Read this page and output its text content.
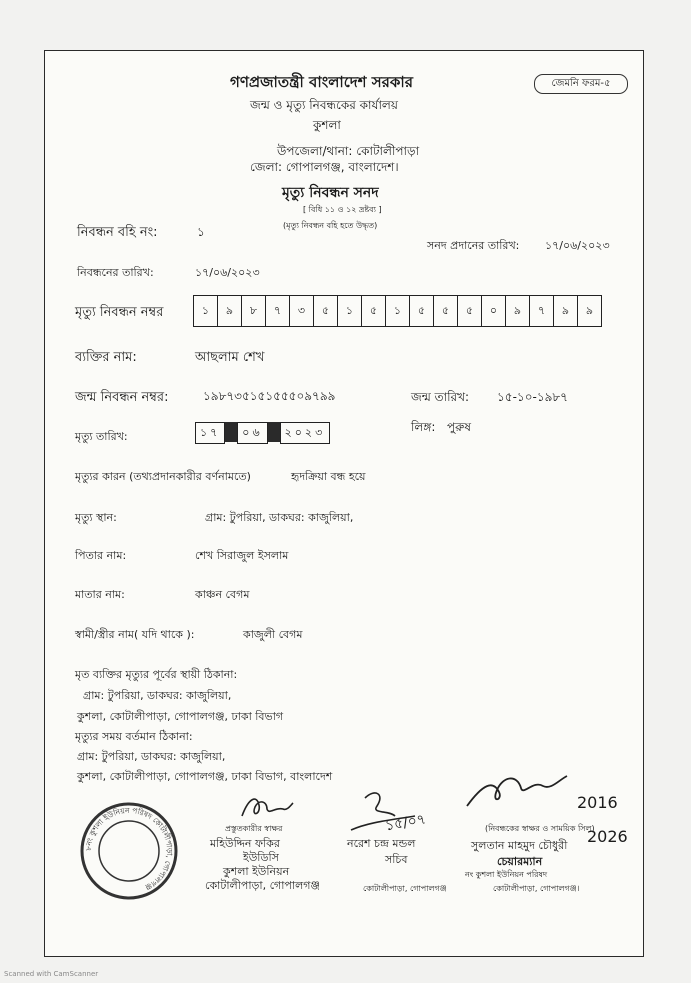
গণপ্রজাতন্ত্রী বাংলাদেশ সরকার	জেমনি ফরম-৫
জন্ম ও মৃত্যু নিবন্ধকের কার্যালয়
কুশলা
উপজেলা/থানা: কোটালীপাড়া
জেলা: গোপালগঞ্জ, বাংলাদেশ।
মৃত্যু নিবন্ধন সনদ
[ বিধি ১১ ও ১২ দ্রষ্টব্য ]
(মৃত্যু নিবন্ধন বহি হতে উদ্ধৃত)
নিবন্ধন বহি নং:	১
সনদ প্রদানের তারিখ: ১৭/০৬/২০২৩
নিবন্ধনের তারিখ:	১৭/০৬/২০২৩
মৃত্যু নিবন্ধন নম্বর	১	৯	৮	৭	৩	৫	১	৫	১	৫	৫	৫	০	৯	৭	৯	৯
ব্যক্তির নাম:	আছলাম শেখ
জন্ম নিবন্ধন নম্বর:	১৯৮৭৩৫১৫১৫৫৫০৯৭৯৯	জন্ম তারিখ: ১৫-১০-১৯৮৭
মৃত্যু তারিখ:	১৭	০৬	২০২৩	লিঙ্গ: পুরুষ
মৃত্যুর কারন (তথ্যপ্রদানকারীর বর্ণনামতে)	হৃদক্রিয়া বন্ধ হয়ে
মৃত্যু স্থান:	গ্রাম: টুপরিয়া, ডাকঘর: কাজুলিয়া,
পিতার নাম:	শেখ সিরাজুল ইসলাম
মাতার নাম:	কাঞ্চন বেগম
স্বামী/স্ত্রীর নাম( যদি থাকে ):	কাজুলী বেগম
মৃত ব্যক্তির মৃত্যুর পূর্বের স্থায়ী ঠিকানা:
গ্রাম: টুপরিয়া, ডাকঘর: কাজুলিয়া,
কুশলা, কোটালীপাড়া, গোপালগঞ্জ, ঢাকা বিভাগ
মৃত্যুর সময় বর্তমান ঠিকানা:
গ্রাম: টুপরিয়া, ডাকঘর: কাজুলিয়া,
কুশলা, কোটালীপাড়া, গোপালগঞ্জ, ঢাকা বিভাগ, বাংলাদেশ
৮নং কুশলা ইউনিয়ন পরিষদ কোটালীপাড়া, গোপালগঞ্জ
প্রস্তুতকারীর স্বাক্ষর
মহিউদ্দিন ফকির
ইউডিসি
কুশলা ইউনিয়ন
কোটালীপাড়া, গোপালগঞ্জ
১৫/০৭
নরেশ চন্দ্র মন্ডল
সচিব
কোটালীপাড়া, গোপালগঞ্জ
2016
2026
(নিবন্ধকের স্বাক্ষর ও সাময়িক সিল)
সুলতান মাহমুদ চৌধুরী
চেয়ারম্যান
নং কুশলা ইউনিয়ন পরিষদ
কোটালীপাড়া, গোপালগঞ্জ।
Scanned with CamScanner
